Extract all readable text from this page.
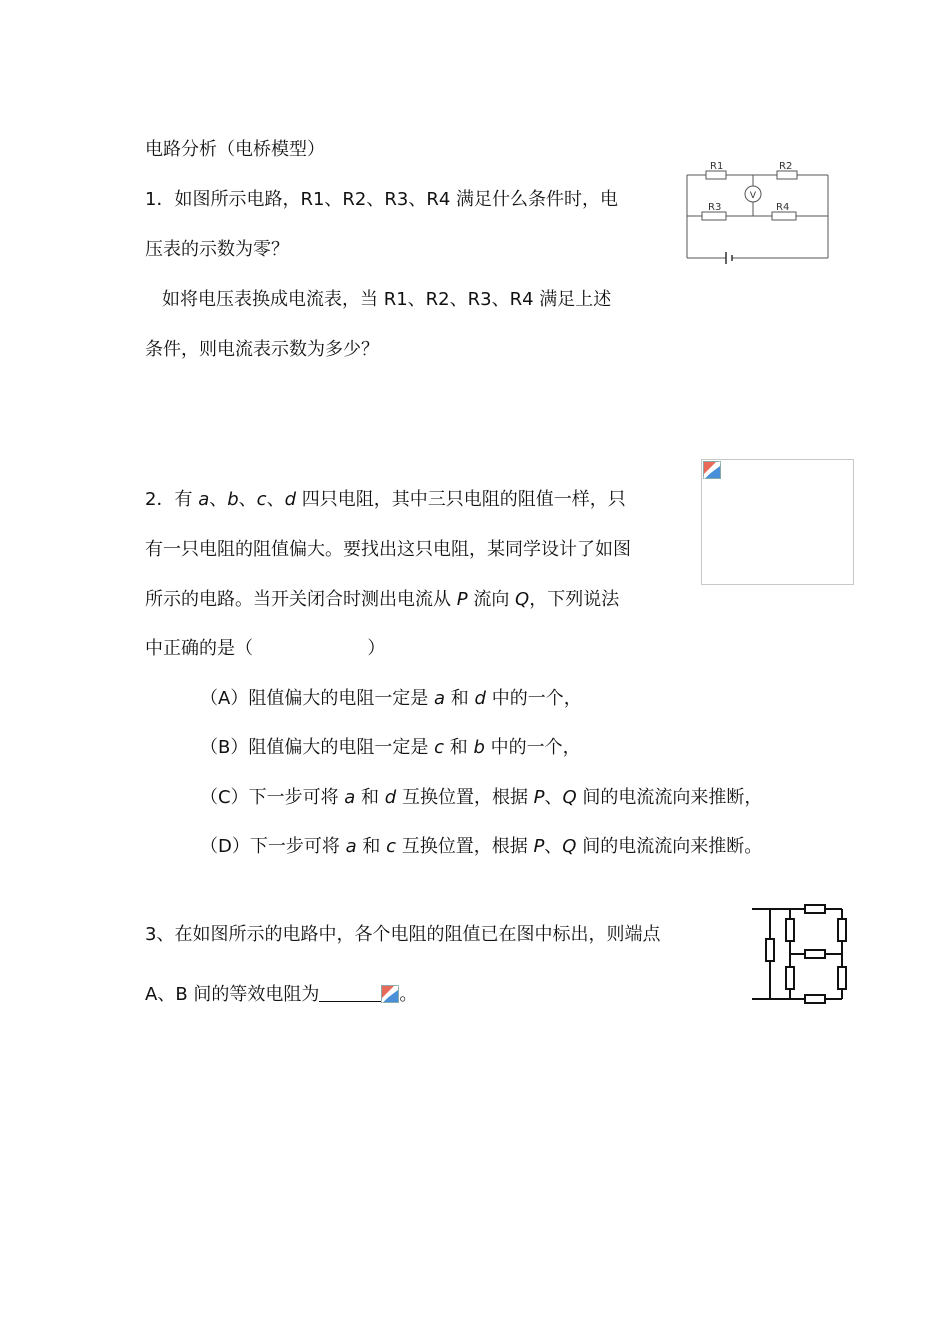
电路分析（电桥模型）
1．如图所示电路，R1、R2、R3、R4 满足什么条件时，电
压表的示数为零？
如将电压表换成电流表，当 R1、R2、R3、R4 满足上述
条件，则电流表示数为多少？
R1	R2
R3	R4
V
2．有 a、b、c、d 四只电阻，其中三只电阻的阻值一样，只
有一只电阻的阻值偏大。要找出这只电阻，某同学设计了如图
所示的电路。当开关闭合时测出电流从 P 流向 Q，下列说法
中正确的是（                    ）
（A）阻值偏大的电阻一定是 a 和 d 中的一个，
（B）阻值偏大的电阻一定是 c 和 b 中的一个，
（C）下一步可将 a 和 d 互换位置，根据 P、Q 间的电流流向来推断，
（D）下一步可将 a 和 c 互换位置，根据 P、Q 间的电流流向来推断。
3、在如图所示的电路中，各个电阻的阻值已在图中标出，则端点
A、B 间的等效电阻为	。
